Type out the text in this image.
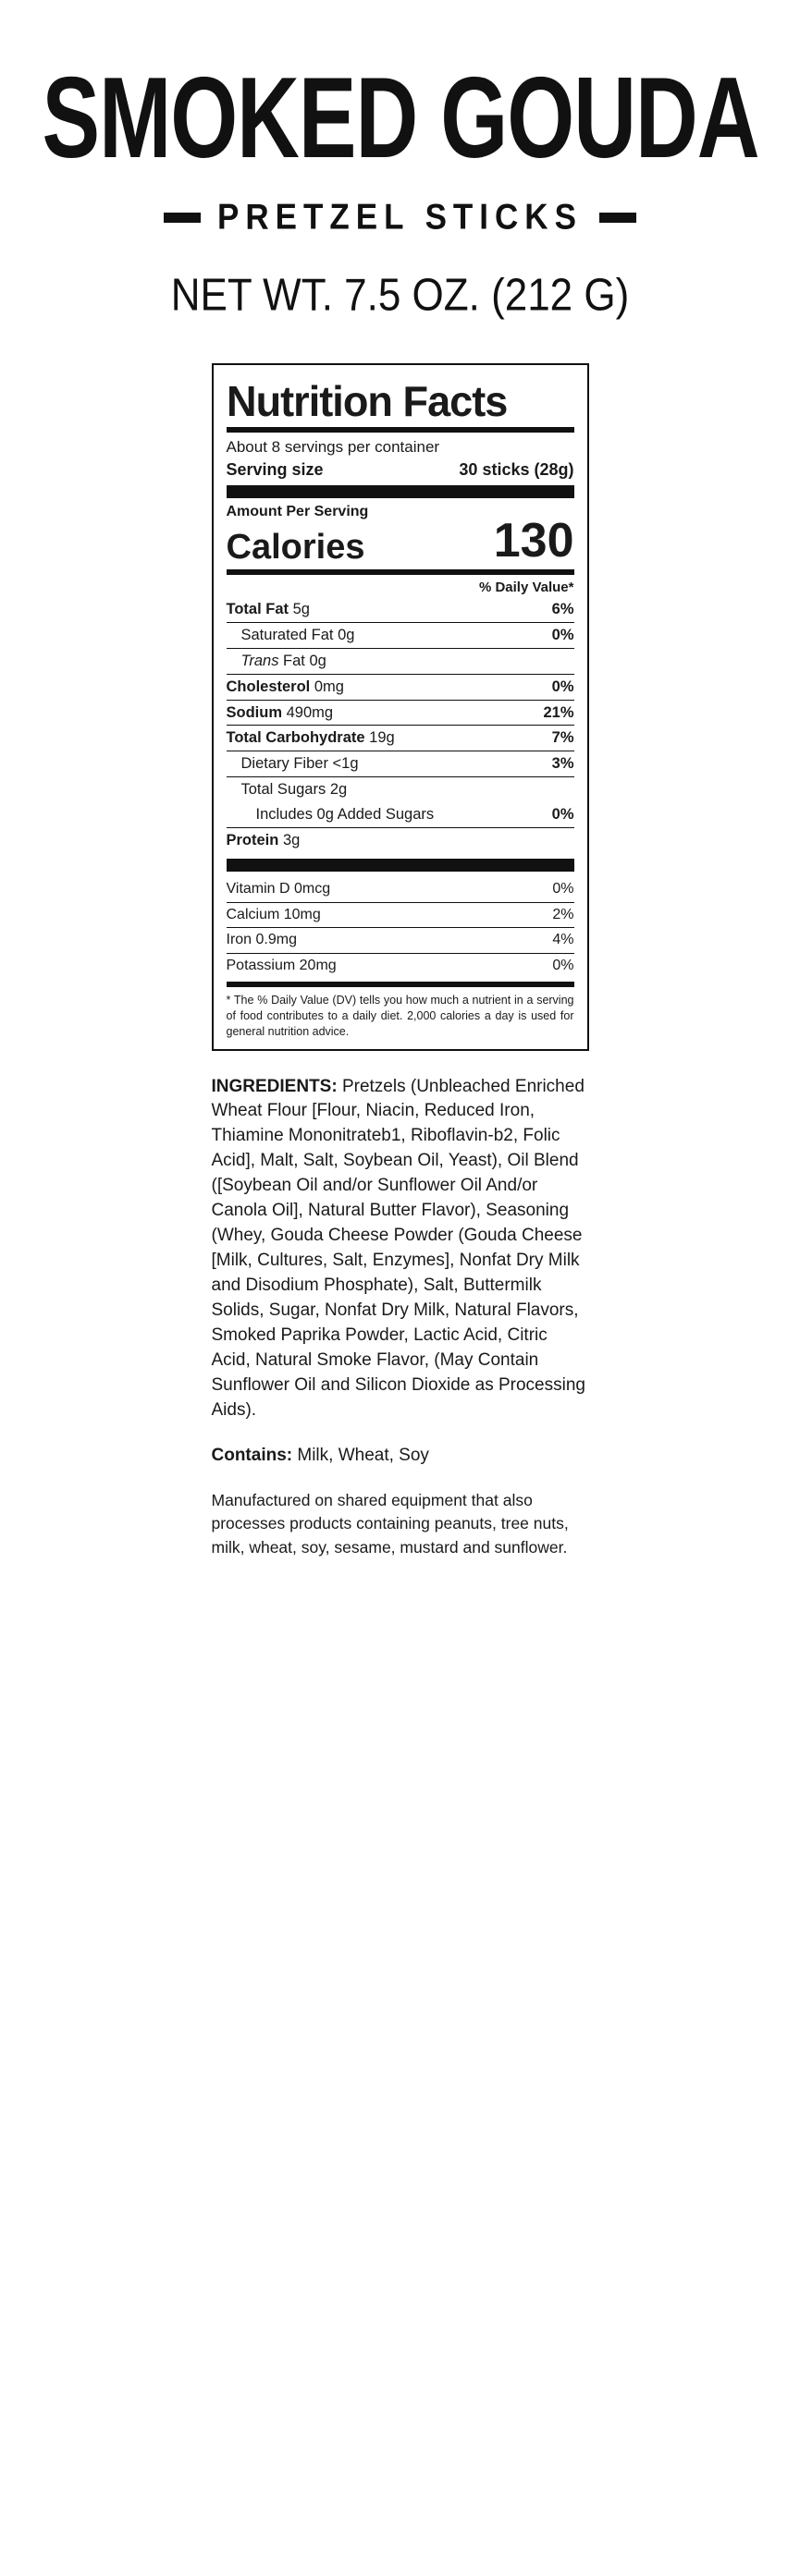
SMOKED GOUDA
PRETZEL STICKS
NET WT. 7.5 OZ. (212 G)
Nutrition Facts
About 8 servings per container
Serving size	30 sticks (28g)
Amount Per Serving
Calories	130
% Daily Value*
Total Fat 5g	6%
Saturated Fat 0g	0%
Trans Fat 0g
Cholesterol 0mg	0%
Sodium 490mg	21%
Total Carbohydrate 19g	7%
Dietary Fiber <1g	3%
Total Sugars 2g
Includes 0g Added Sugars	0%
Protein 3g
Vitamin D 0mcg	0%
Calcium 10mg	2%
Iron 0.9mg	4%
Potassium 20mg	0%
* The % Daily Value (DV) tells you how much a nutrient in a serving of food contributes to a daily diet. 2,000 calories a day is used for general nutrition advice.

INGREDIENTS: Pretzels (Unbleached Enriched Wheat Flour [Flour, Niacin, Reduced Iron, Thiamine Mononitrateb1, Riboflavin-b2, Folic Acid], Malt, Salt, Soybean Oil, Yeast), Oil Blend ([Soybean Oil and/or Sunflower Oil And/or Canola Oil], Natural Butter Flavor), Seasoning (Whey, Gouda Cheese Powder (Gouda Cheese [Milk, Cultures, Salt, Enzymes], Nonfat Dry Milk and Disodium Phosphate), Salt, Buttermilk Solids, Sugar, Nonfat Dry Milk, Natural Flavors, Smoked Paprika Powder, Lactic Acid, Citric Acid, Natural Smoke Flavor, (May Contain Sunflower Oil and Silicon Dioxide as Processing Aids).

Contains: Milk, Wheat, Soy

Manufactured on shared equipment that also processes products containing peanuts, tree nuts, milk, wheat, soy, sesame, mustard and sunflower.
